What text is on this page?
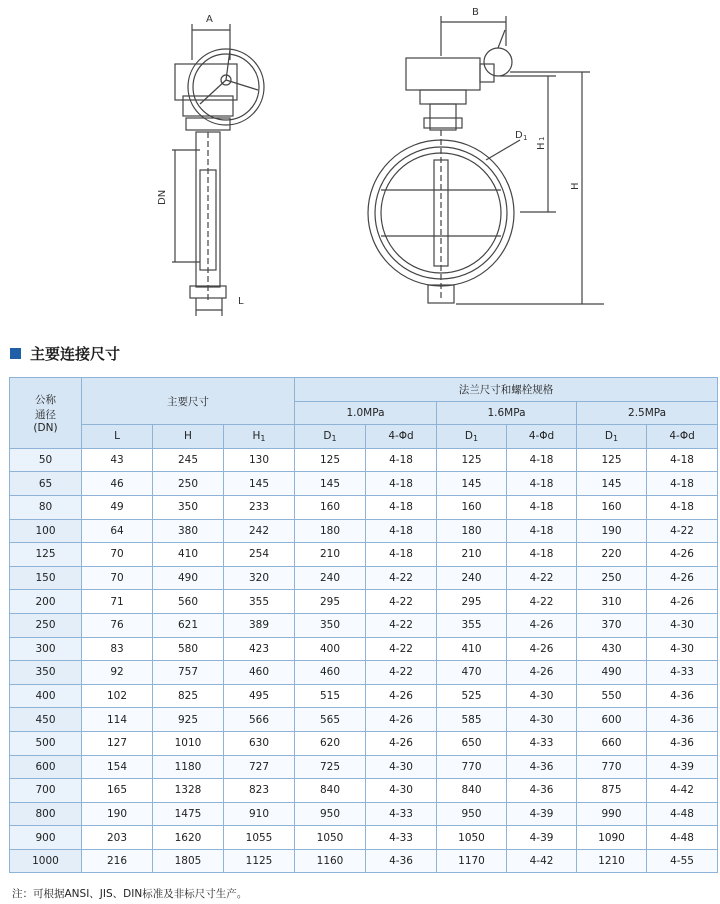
A
B
DN
L
D 1
H
1
H
主要连接尺寸
公称
通径
(DN)	主要尺寸			法兰尺寸和螺栓规格					
				1.0MPa		1.6MPa		2.5MPa	
	L	H	$H_1$	$D_1$	4-Φd	$D_1$	4-Φd	$D_1$	4-Φd
50	43	245	130	125	4-18	125	4-18	125	4-18
65	46	250	145	145	4-18	145	4-18	145	4-18
80	49	350	233	160	4-18	160	4-18	160	4-18
100	64	380	242	180	4-18	180	4-18	190	4-22
125	70	410	254	210	4-18	210	4-18	220	4-26
150	70	490	320	240	4-22	240	4-22	250	4-26
200	71	560	355	295	4-22	295	4-22	310	4-26
250	76	621	389	350	4-22	355	4-26	370	4-30
300	83	580	423	400	4-22	410	4-26	430	4-30
350	92	757	460	460	4-22	470	4-26	490	4-33
400	102	825	495	515	4-26	525	4-30	550	4-36
450	114	925	566	565	4-26	585	4-30	600	4-36
500	127	1010	630	620	4-26	650	4-33	660	4-36
600	154	1180	727	725	4-30	770	4-36	770	4-39
700	165	1328	823	840	4-30	840	4-36	875	4-42
800	190	1475	910	950	4-33	950	4-39	990	4-48
900	203	1620	1055	1050	4-33	1050	4-39	1090	4-48
1000	216	1805	1125	1160	4-36	1170	4-42	1210	4-55
注：可根据ANSI、JIS、DIN标准及非标尺寸生产。
